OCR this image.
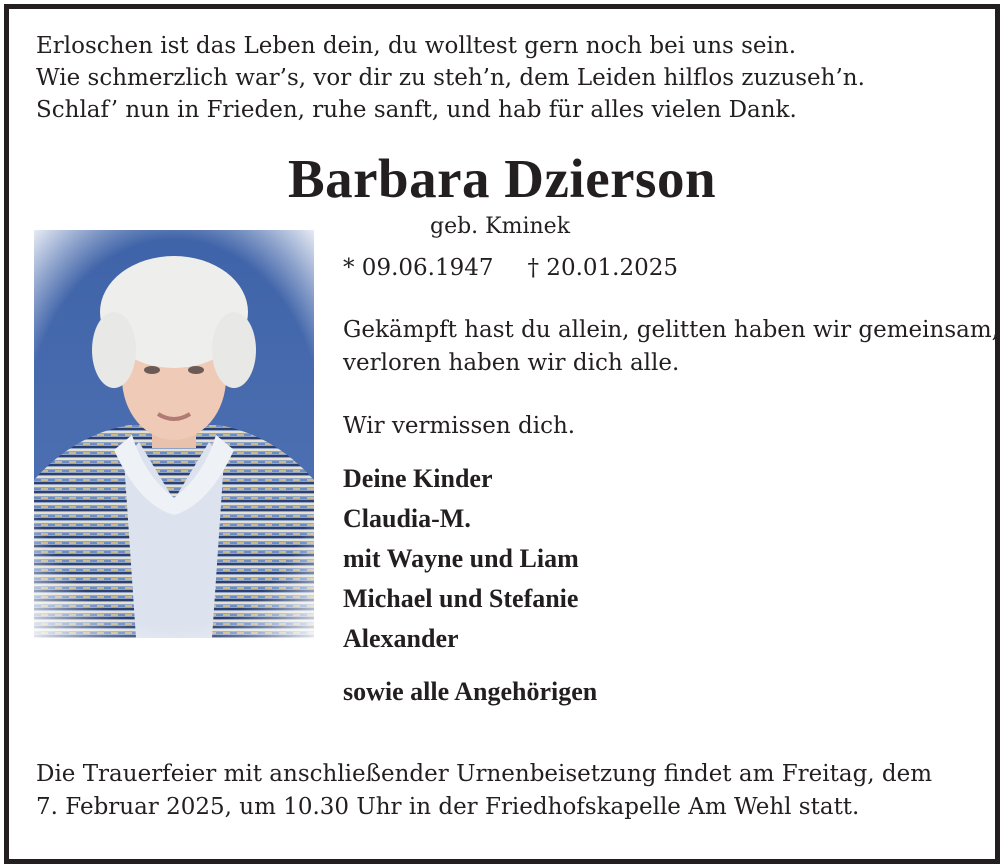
Erloschen ist das Leben dein, du wolltest gern noch bei uns sein.
Wie schmerzlich war’s, vor dir zu steh’n, dem Leiden hilflos zuzuseh’n.
Schlaf’ nun in Frieden, ruhe sanft, und hab für alles vielen Dank.
Barbara Dzierson
geb. Kminek
* 09.06.1947 † 20.01.2025
Gekämpft hast du allein, gelitten haben wir gemeinsam,
verloren haben wir dich alle.
Wir vermissen dich.
Deine Kinder
Claudia-M.
mit Wayne und Liam
Michael und Stefanie
Alexander
sowie alle Angehörigen
Die Trauerfeier mit anschließender Urnenbeisetzung findet am Freitag, dem
7. Februar 2025, um 10.30 Uhr in der Friedhofskapelle Am Wehl statt.
